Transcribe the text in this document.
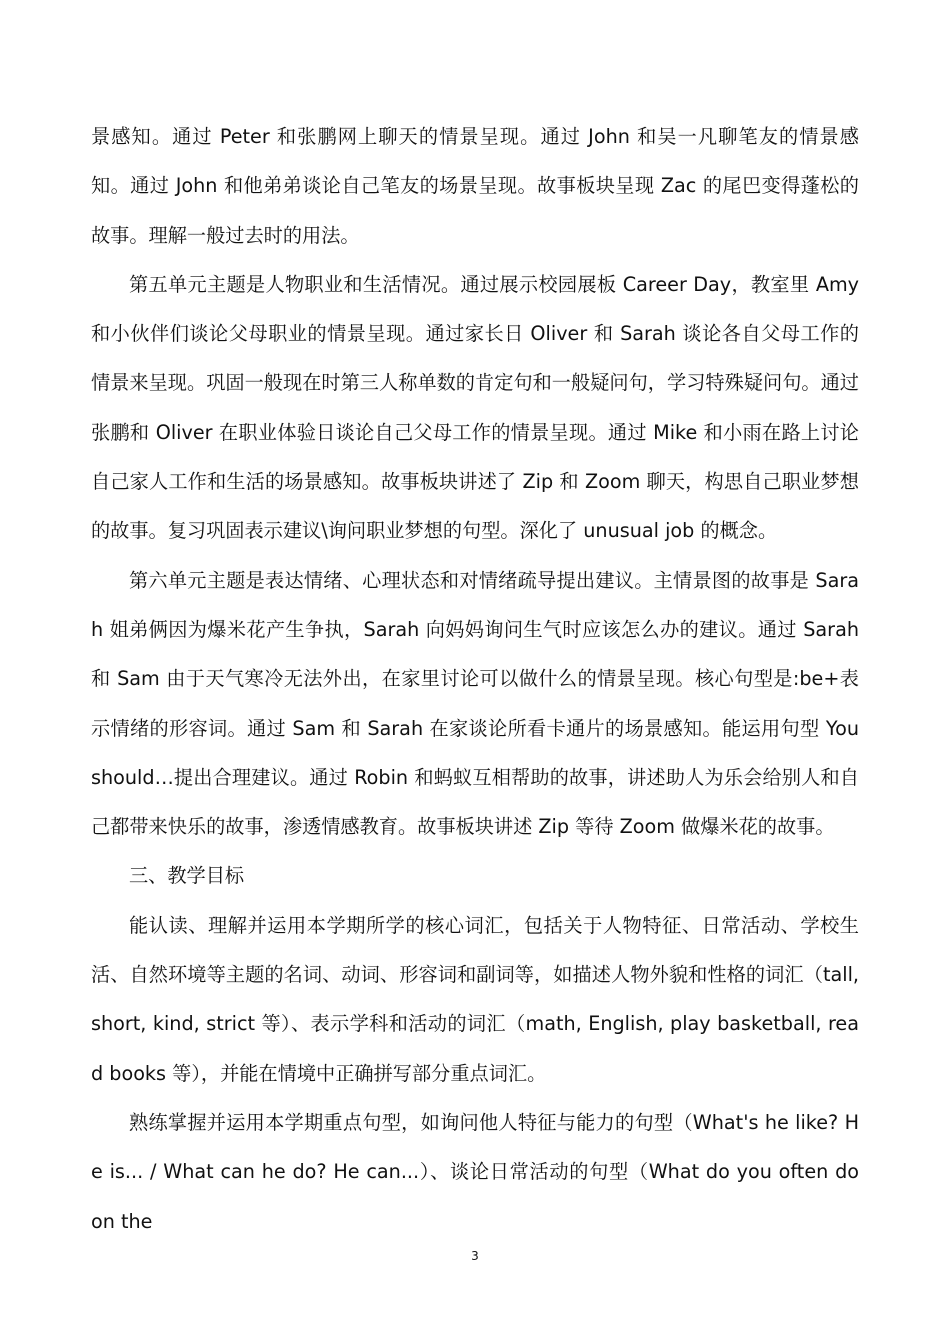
景感知。通过 Peter 和张鹏网上聊天的情景呈现。通过 John 和吴一凡聊笔友的情景感知。通过 John 和他弟弟谈论自己笔友的场景呈现。故事板块呈现 Zac 的尾巴变得蓬松的故事。理解一般过去时的用法。

第五单元主题是人物职业和生活情况。通过展示校园展板 Career Day，教室里 Amy 和小伙伴们谈论父母职业的情景呈现。通过家长日 Oliver 和 Sarah 谈论各自父母工作的情景来呈现。巩固一般现在时第三人称单数的肯定句和一般疑问句，学习特殊疑问句。通过张鹏和 Oliver 在职业体验日谈论自己父母工作的情景呈现。通过 Mike 和小雨在路上讨论自己家人工作和生活的场景感知。故事板块讲述了 Zip 和 Zoom 聊天，构思自己职业梦想的故事。复习巩固表示建议\询问职业梦想的句型。深化了 unusual job 的概念。

第六单元主题是表达情绪、心理状态和对情绪疏导提出建议。主情景图的故事是 Sarah 姐弟俩因为爆米花产生争执，Sarah 向妈妈询问生气时应该怎么办的建议。通过 Sarah 和 Sam 由于天气寒冷无法外出，在家里讨论可以做什么的情景呈现。核心句型是:be+表示情绪的形容词。通过 Sam 和 Sarah 在家谈论所看卡通片的场景感知。能运用句型 You should…提出合理建议。通过 Robin 和蚂蚁互相帮助的故事，讲述助人为乐会给别人和自己都带来快乐的故事，渗透情感教育。故事板块讲述 Zip 等待 Zoom 做爆米花的故事。

三、教学目标

能认读、理解并运用本学期所学的核心词汇，包括关于人物特征、日常活动、学校生活、自然环境等主题的名词、动词、形容词和副词等，如描述人物外貌和性格的词汇（tall, short, kind, strict 等）、表示学科和活动的词汇（math, English, play basketball, read books 等），并能在情境中正确拼写部分重点词汇。

熟练掌握并运用本学期重点句型，如询问他人特征与能力的句型（What's he like? He is... / What can he do? He can...）、谈论日常活动的句型（What do you often do on the

3
